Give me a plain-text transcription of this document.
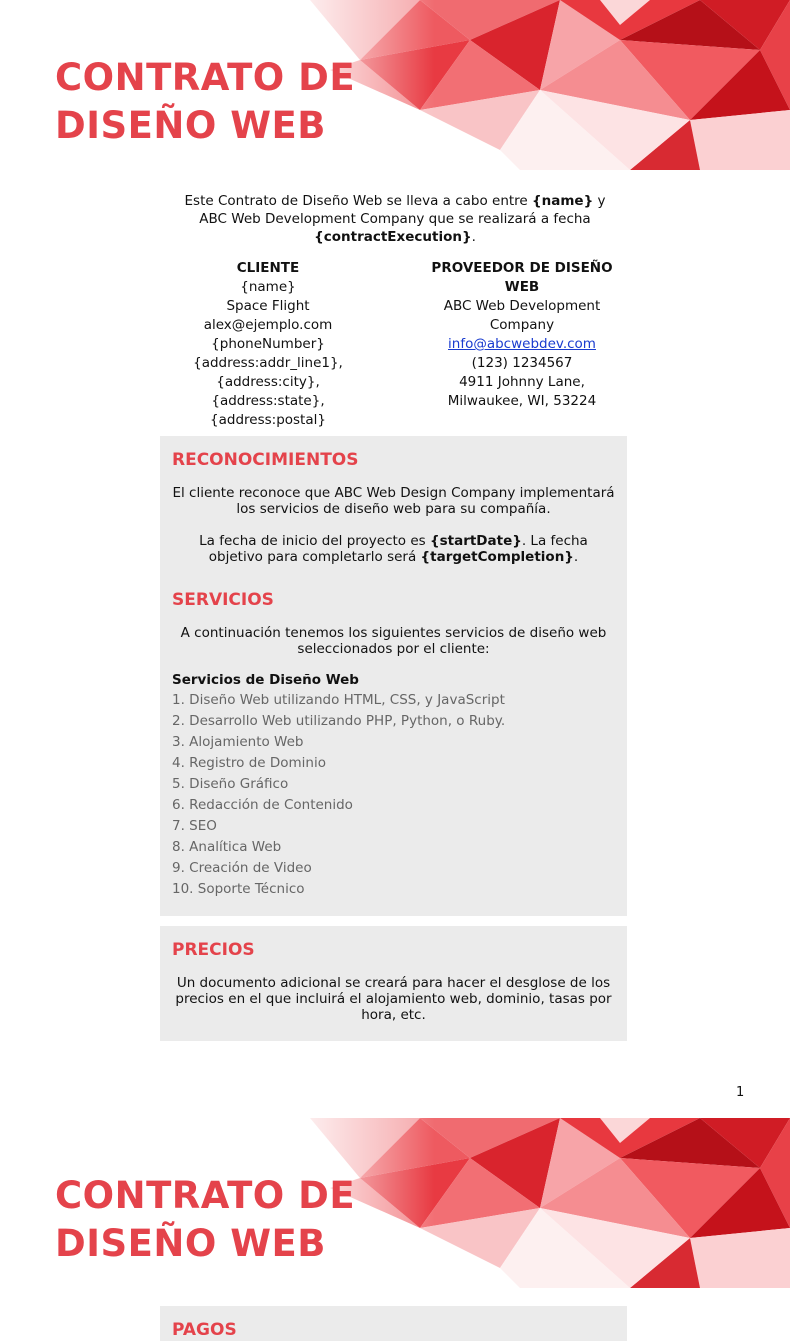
CONTRATO DE
DISEÑO WEB
Este Contrato de Diseño Web se lleva a cabo entre {name} y ABC Web Development Company que se realizará a fecha {contractExecution}.
CLIENTE
{name}
Space Flight
alex@ejemplo.com
{phoneNumber}
{address:addr_line1},
{address:city},{address:state},
{address:postal}
PROVEEDOR DE DISEÑO WEB
ABC Web Development Company
info@abcwebdev.com
(123) 1234567
4911 Johnny Lane,
Milwaukee, WI, 53224
RECONOCIMIENTOS
El cliente reconoce que ABC Web Design Company implementará los servicios de diseño web para su compañía.
La fecha de inicio del proyecto es {startDate}. La fecha objetivo para completarlo será {targetCompletion}.
SERVICIOS
A continuación tenemos los siguientes servicios de diseño web seleccionados por el cliente:
Servicios de Diseño Web
1. Diseño Web utilizando HTML, CSS, y JavaScript
2. Desarrollo Web utilizando PHP, Python, o Ruby.
3. Alojamiento Web
4. Registro de Dominio
5. Diseño Gráfico
6. Redacción de Contenido
7. SEO
8. Analítica Web
9. Creación de Video
10. Soporte Técnico
PRECIOS
Un documento adicional se creará para hacer el desglose de los precios en el que incluirá el alojamiento web, dominio, tasas por hora, etc.
1
CONTRATO DE
DISEÑO WEB
PAGOS
